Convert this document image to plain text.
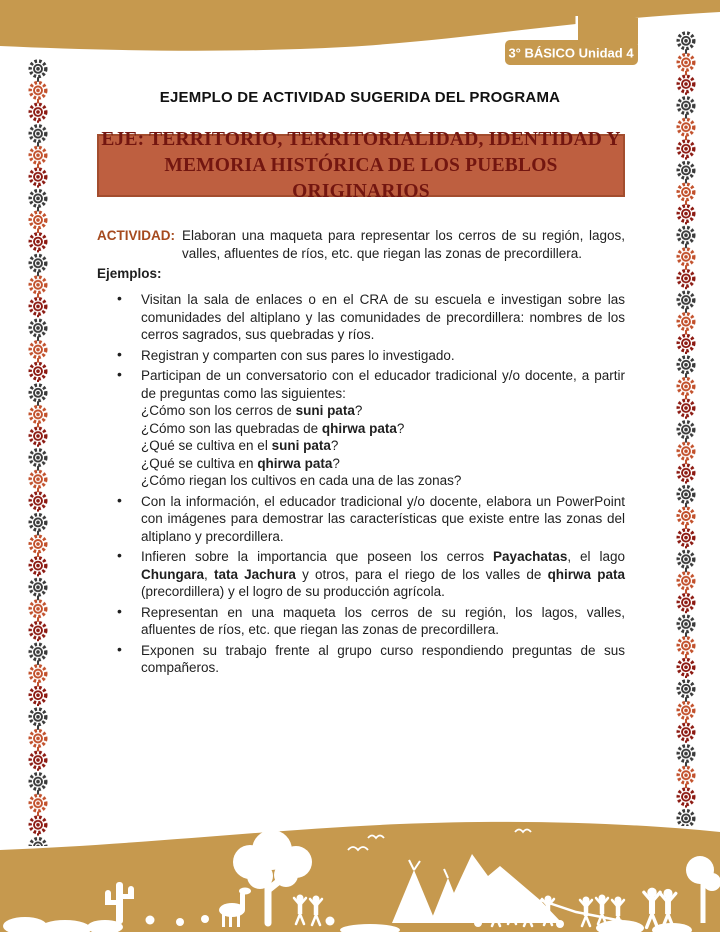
3° BÁSICO Unidad 4
EJEMPLO DE ACTIVIDAD SUGERIDA DEL PROGRAMA
EJE: TERRITORIO, TERRITORIALIDAD, IDENTIDAD Y
MEMORIA HISTÓRICA DE LOS PUEBLOS ORIGINARIOS
ACTIVIDAD: Elaboran una maqueta para representar los cerros de su región, lagos, valles, afluentes de ríos, etc. que riegan las zonas de precordillera.
Ejemplos:
• Visitan la sala de enlaces o en el CRA de su escuela e investigan sobre las comunidades del altiplano y las comunidades de precordillera: nombres de los cerros sagrados, sus quebradas y ríos.
• Registran y comparten con sus pares lo investigado.
• Participan de un conversatorio con el educador tradicional y/o docente, a partir de preguntas como las siguientes:
¿Cómo son los cerros de suni pata?
¿Cómo son las quebradas de qhirwa pata?
¿Qué se cultiva en el suni pata?
¿Qué se cultiva en qhirwa pata?
¿Cómo riegan los cultivos en cada una de las zonas?
• Con la información, el educador tradicional y/o docente, elabora un PowerPoint con imágenes para demostrar las características que existe entre las zonas del altiplano y precordillera.
• Infieren sobre la importancia que poseen los cerros Payachatas, el lago Chungara, tata Jachura y otros, para el riego de los valles de qhirwa pata (precordillera) y el logro de su producción agrícola.
• Representan en una maqueta los cerros de su región, los lagos, valles, afluentes de ríos, etc. que riegan las zonas de precordillera.
• Exponen su trabajo frente al grupo curso respondiendo preguntas de sus compañeros.
